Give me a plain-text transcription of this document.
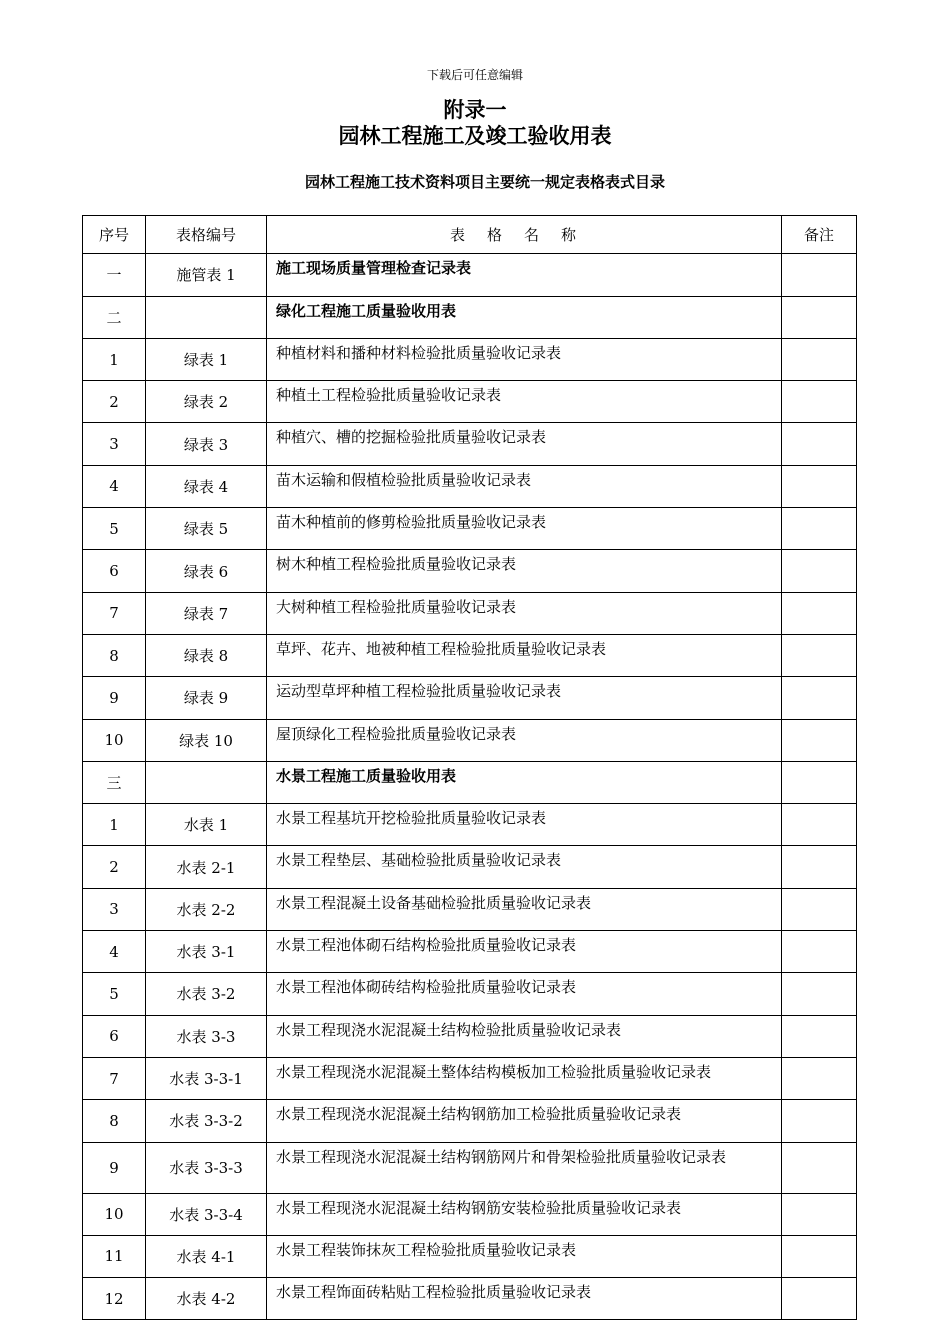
下载后可任意编辑
附录一
园林工程施工及竣工验收用表
园林工程施工技术资料项目主要统一规定表格表式目录
序号	表格编号	表格名称	备注
一	施管表 1	施工现场质量管理检查记录表	
二		绿化工程施工质量验收用表	
1	绿表 1	种植材料和播种材料检验批质量验收记录表	
2	绿表 2	种植土工程检验批质量验收记录表	
3	绿表 3	种植穴、槽的挖掘检验批质量验收记录表	
4	绿表 4	苗木运输和假植检验批质量验收记录表	
5	绿表 5	苗木种植前的修剪检验批质量验收记录表	
6	绿表 6	树木种植工程检验批质量验收记录表	
7	绿表 7	大树种植工程检验批质量验收记录表	
8	绿表 8	草坪、花卉、地被种植工程检验批质量验收记录表	
9	绿表 9	运动型草坪种植工程检验批质量验收记录表	
10	绿表 10	屋顶绿化工程检验批质量验收记录表	
三		水景工程施工质量验收用表	
1	水表 1	水景工程基坑开挖检验批质量验收记录表	
2	水表 2-1	水景工程垫层、基础检验批质量验收记录表	
3	水表 2-2	水景工程混凝土设备基础检验批质量验收记录表	
4	水表 3-1	水景工程池体砌石结构检验批质量验收记录表	
5	水表 3-2	水景工程池体砌砖结构检验批质量验收记录表	
6	水表 3-3	水景工程现浇水泥混凝土结构检验批质量验收记录表	
7	水表 3-3-1	水景工程现浇水泥混凝土整体结构模板加工检验批质量验收记录表	
8	水表 3-3-2	水景工程现浇水泥混凝土结构钢筋加工检验批质量验收记录表	
9	水表 3-3-3	水景工程现浇水泥混凝土结构钢筋网片和骨架检验批质量验收记录表	
10	水表 3-3-4	水景工程现浇水泥混凝土结构钢筋安装检验批质量验收记录表	
11	水表 4-1	水景工程装饰抹灰工程检验批质量验收记录表	
12	水表 4-2	水景工程饰面砖粘贴工程检验批质量验收记录表	
